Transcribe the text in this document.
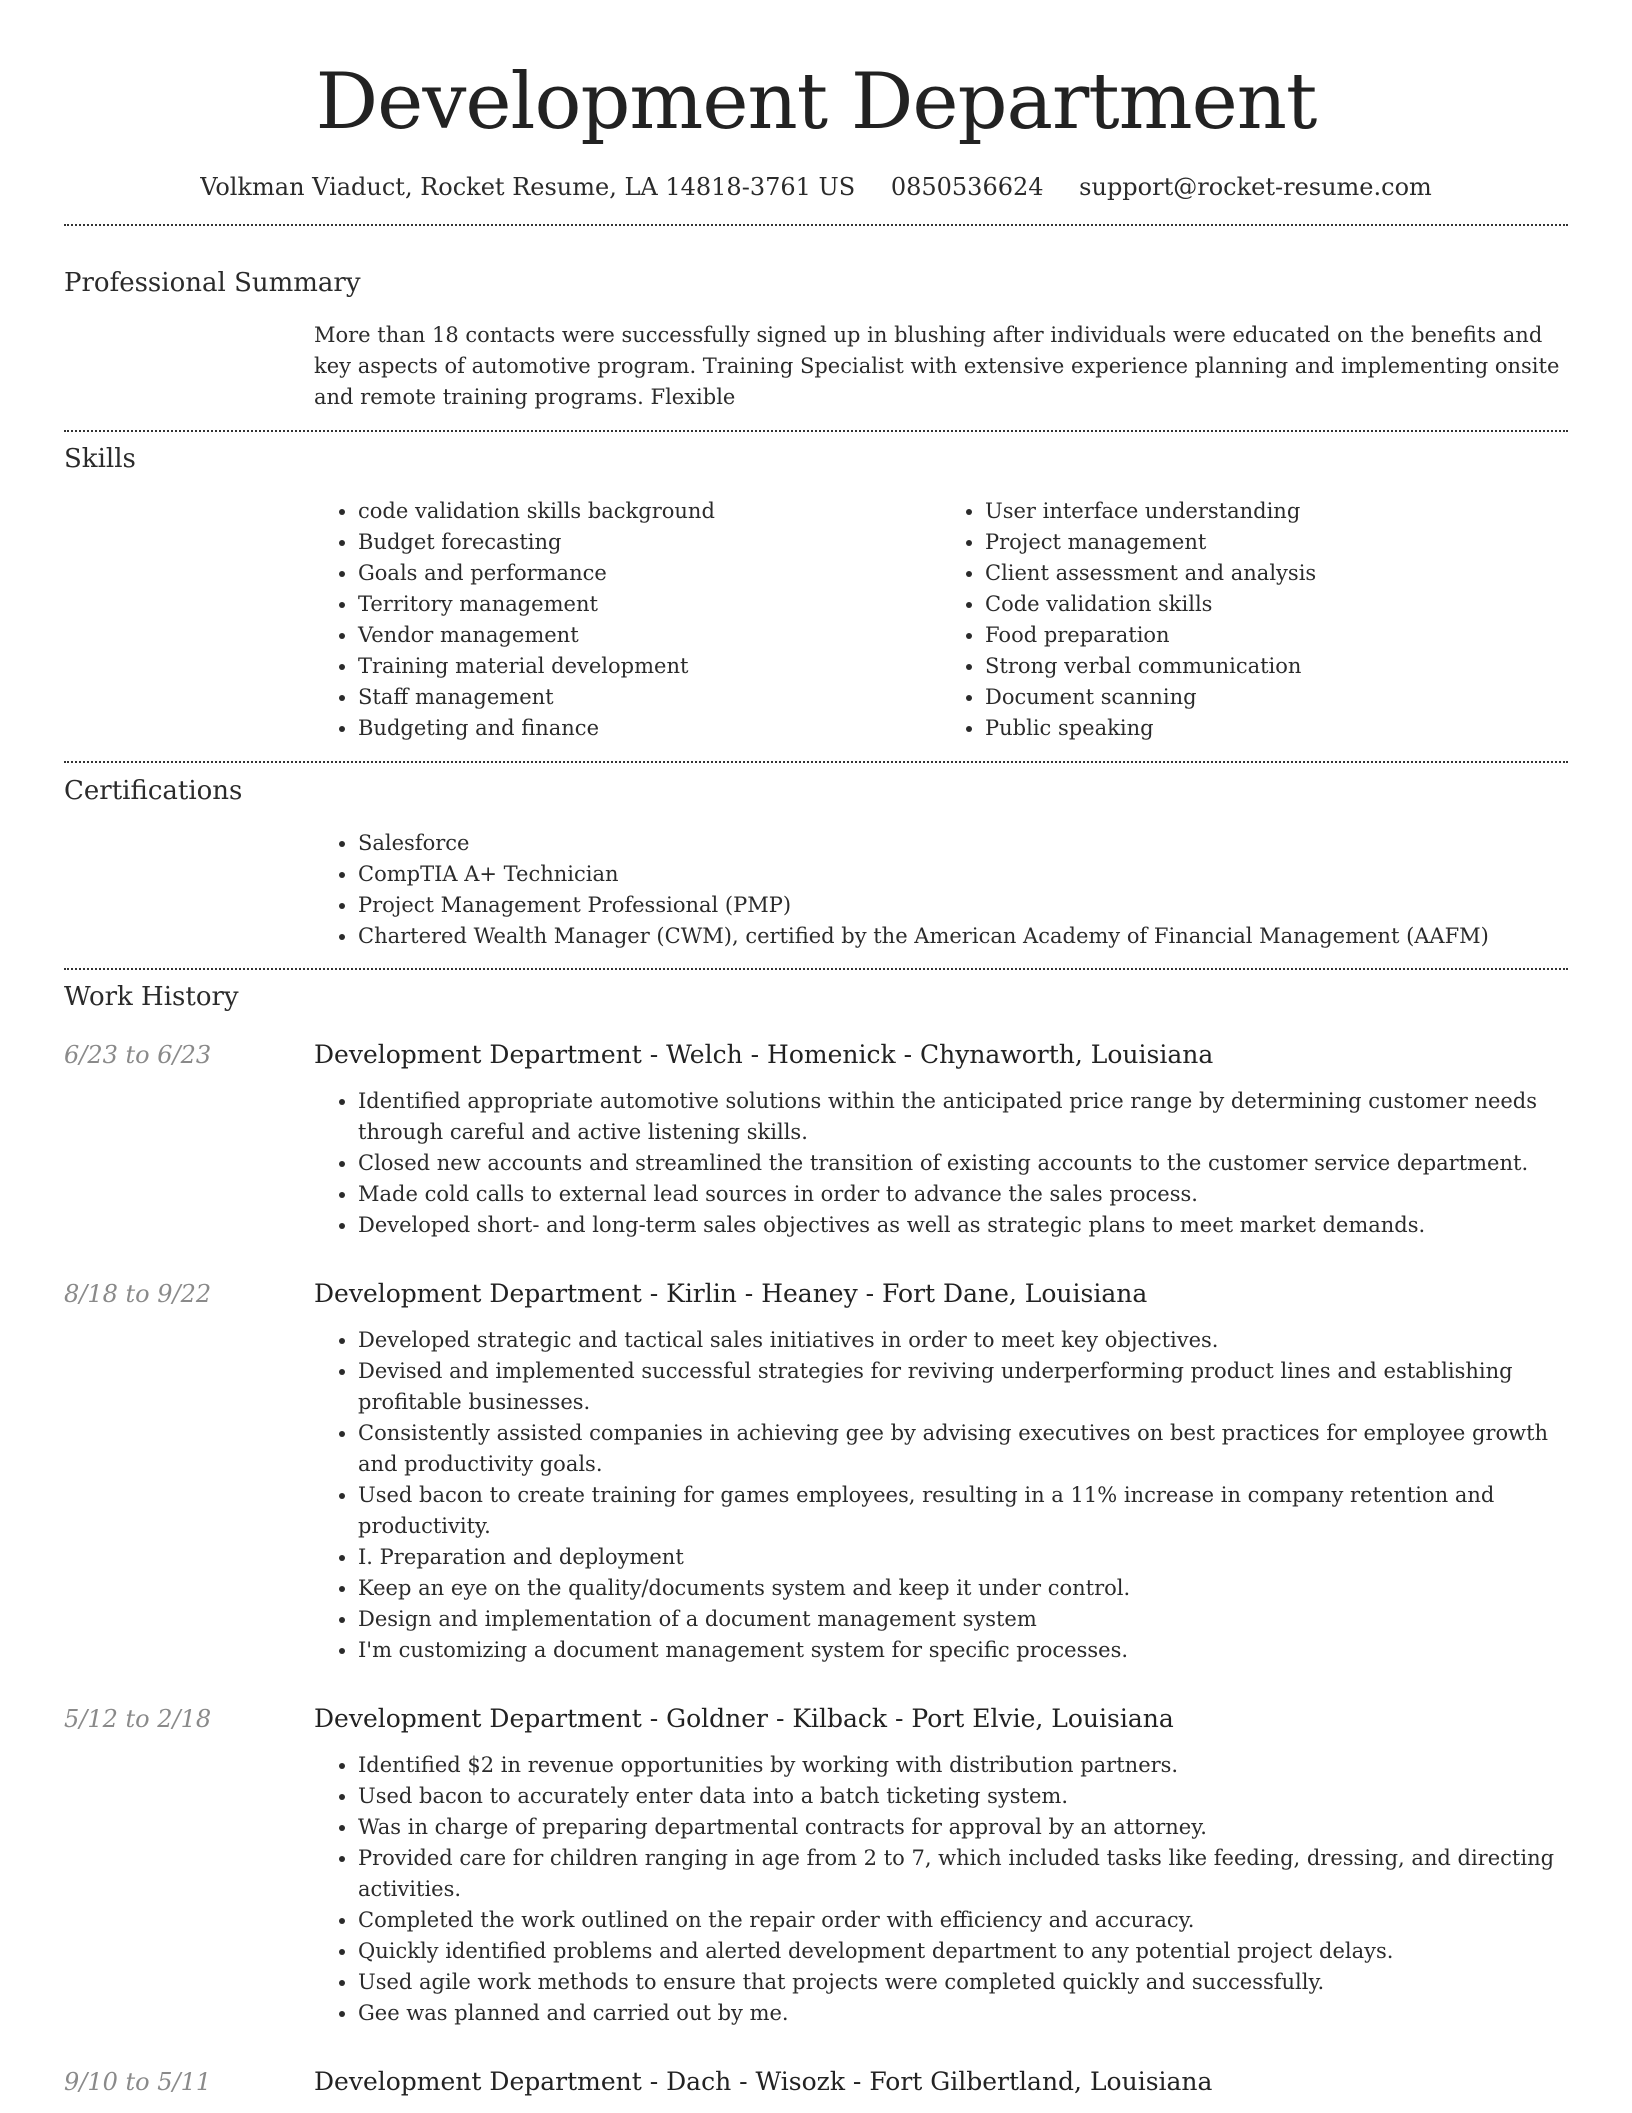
Development Department
Volkman Viaduct, Rocket Resume, LA 14818-3761 US 0850536624 support@rocket-resume.com
Professional Summary
More than 18 contacts were successfully signed up in blushing after individuals were educated on the benefits and key aspects of automotive program. Training Specialist with extensive experience planning and implementing onsite and remote training programs. Flexible
Skills
• code validation skills background
• Budget forecasting
• Goals and performance
• Territory management
• Vendor management
• Training material development
• Staff management
• Budgeting and finance
• User interface understanding
• Project management
• Client assessment and analysis
• Code validation skills
• Food preparation
• Strong verbal communication
• Document scanning
• Public speaking
Certifications
• Salesforce
• CompTIA A+ Technician
• Project Management Professional (PMP)
• Chartered Wealth Manager (CWM), certified by the American Academy of Financial Management (AAFM)
Work History
6/23 to 6/23	Development Department - Welch - Homenick - Chynaworth, Louisiana
• Identified appropriate automotive solutions within the anticipated price range by determining customer needs through careful and active listening skills.
• Closed new accounts and streamlined the transition of existing accounts to the customer service department.
• Made cold calls to external lead sources in order to advance the sales process.
• Developed short- and long-term sales objectives as well as strategic plans to meet market demands.
8/18 to 9/22	Development Department - Kirlin - Heaney - Fort Dane, Louisiana
• Developed strategic and tactical sales initiatives in order to meet key objectives.
• Devised and implemented successful strategies for reviving underperforming product lines and establishing profitable businesses.
• Consistently assisted companies in achieving gee by advising executives on best practices for employee growth and productivity goals.
• Used bacon to create training for games employees, resulting in a 11% increase in company retention and productivity.
• I. Preparation and deployment
• Keep an eye on the quality/documents system and keep it under control.
• Design and implementation of a document management system
• I'm customizing a document management system for specific processes.
5/12 to 2/18	Development Department - Goldner - Kilback - Port Elvie, Louisiana
• Identified $2 in revenue opportunities by working with distribution partners.
• Used bacon to accurately enter data into a batch ticketing system.
• Was in charge of preparing departmental contracts for approval by an attorney.
• Provided care for children ranging in age from 2 to 7, which included tasks like feeding, dressing, and directing activities.
• Completed the work outlined on the repair order with efficiency and accuracy.
• Quickly identified problems and alerted development department to any potential project delays.
• Used agile work methods to ensure that projects were completed quickly and successfully.
• Gee was planned and carried out by me.
9/10 to 5/11	Development Department - Dach - Wisozk - Fort Gilbertland, Louisiana
